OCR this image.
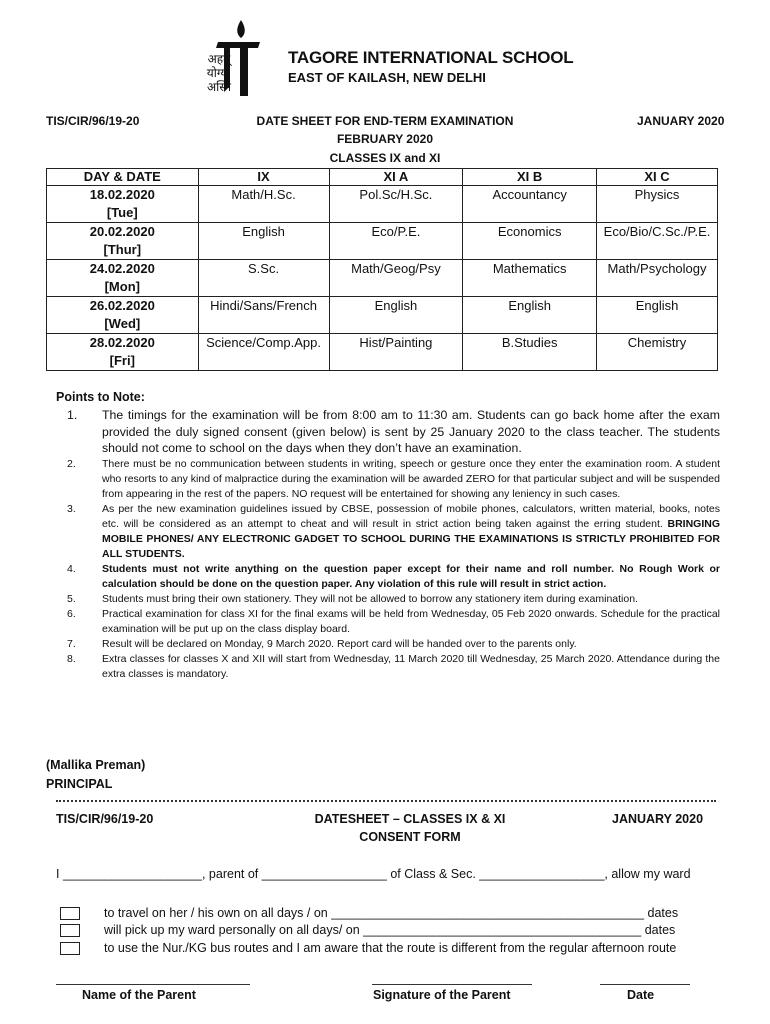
अहम्
योग्य:
अस्मि
TAGORE INTERNATIONAL SCHOOL
EAST OF KAILASH, NEW DELHI
TIS/CIR/96/19-20	DATE SHEET FOR END-TERM EXAMINATION	JANUARY 2020
FEBRUARY 2020
CLASSES IX and XI
DAY & DATE	IX	XI A	XI B	XI C

18.02.2020
[Tue]	Math/H.Sc.	Pol.Sc/H.Sc.	Accountancy	Physics

20.02.2020
[Thur]	English	Eco/P.E.	Economics	Eco/Bio/C.Sc./P.E.

24.02.2020
[Mon]	S.Sc.	Math/Geog/Psy	Mathematics	Math/Psychology

26.02.2020
[Wed]	Hindi/Sans/French	English	English	English

28.02.2020
[Fri]	Science/Comp.App.	Hist/Painting	B.Studies	Chemistry
Points to Note:
1.	The timings for the examination will be from 8:00 am to 11:30 am. Students can go back home after the exam provided the duly signed consent (given below) is sent by 25 January 2020 to the class teacher. The students should not come to school on the days when they don’t have an examination.
2.	There must be no communication between students in writing, speech or gesture once they enter the examination room. A student who resorts to any kind of malpractice during the examination will be awarded ZERO for that particular subject and will be suspended from appearing in the rest of the papers. NO request will be entertained for showing any leniency in such cases.
3.	As per the new examination guidelines issued by CBSE, possession of mobile phones, calculators, written material, books, notes etc. will be considered as an attempt to cheat and will result in strict action being taken against the erring student. BRINGING MOBILE PHONES/ ANY ELECTRONIC GADGET TO SCHOOL DURING THE EXAMINATIONS IS STRICTLY PROHIBITED FOR ALL STUDENTS.
4.	Students must not write anything on the question paper except for their name and roll number. No Rough Work or calculation should be done on the question paper. Any violation of this rule will result in strict action.
5.	Students must bring their own stationery. They will not be allowed to borrow any stationery item during examination.
6.	Practical examination for class XI for the final exams will be held from Wednesday, 05 Feb 2020 onwards. Schedule for the practical examination will be put up on the class display board.
7.	Result will be declared on Monday, 9 March 2020. Report card will be handed over to the parents only.
8.	Extra classes for classes X and XII will start from Wednesday, 11 March 2020 till Wednesday, 25 March 2020. Attendance during the extra classes is mandatory.
(Mallika Preman)
PRINCIPAL
TIS/CIR/96/19-20	DATESHEET – CLASSES IX & XI	JANUARY 2020
CONSENT FORM
I ____________________, parent of __________________ of Class & Sec. __________________, allow my ward
to travel on her / his own on all days / on _____________________________________________ dates
will pick up my ward personally on all days/ on ________________________________________ dates
to use the Nur./KG bus routes and I am aware that the route is different from the regular afternoon route
Name of the Parent	Signature of the Parent	Date
